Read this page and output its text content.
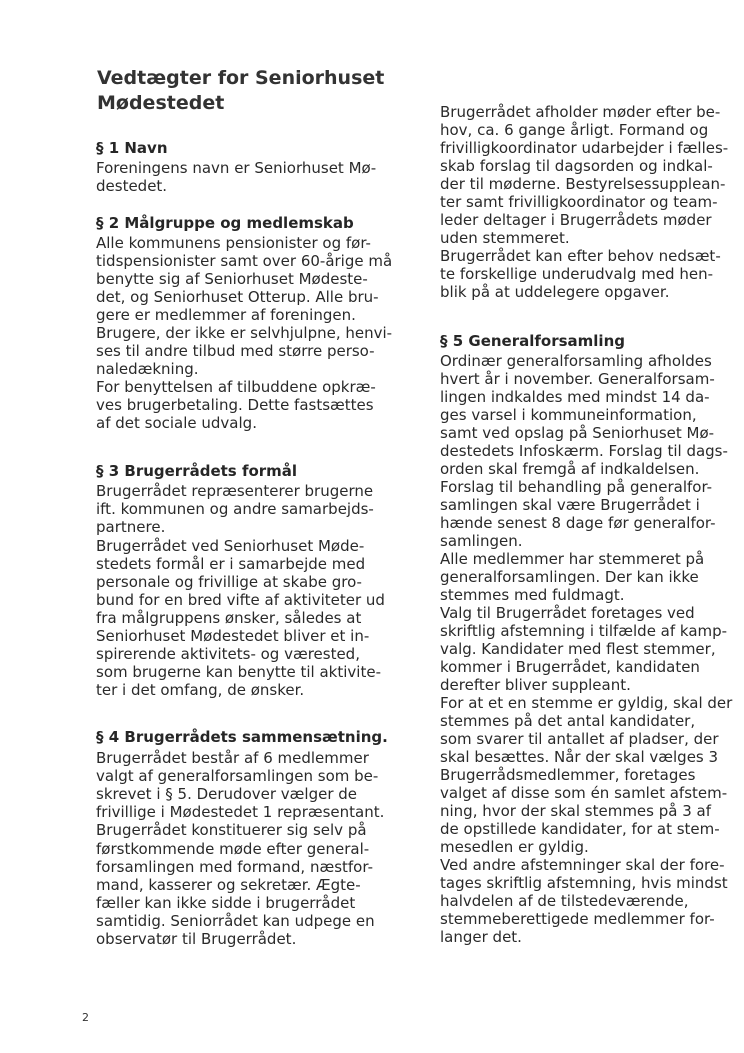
Vedtægter for Seniorhuset
Mødestedet
§ 1 Navn
Foreningens navn er Seniorhuset Mø-
destedet.
§ 2 Målgruppe og medlemskab
Alle kommunens pensionister og før-
tidspensionister samt over 60-årige må
benytte sig af Seniorhuset Mødeste-
det, og Seniorhuset Otterup. Alle bru-
gere er medlemmer af foreningen.
Brugere, der ikke er selvhjulpne, henvi-
ses til andre tilbud med større perso-
naledækning.
For benyttelsen af tilbuddene opkræ-
ves brugerbetaling. Dette fastsættes
af det sociale udvalg.
§ 3 Brugerrådets formål
Brugerrådet repræsenterer brugerne
ift. kommunen og andre samarbejds-
partnere.
Brugerrådet ved Seniorhuset Møde-
stedets formål er i samarbejde med
personale og frivillige at skabe gro-
bund for en bred vifte af aktiviteter ud
fra målgruppens ønsker, således at
Seniorhuset Mødestedet bliver et in-
spirerende aktivitets- og værested,
som brugerne kan benytte til aktivite-
ter i det omfang, de ønsker.
§ 4 Brugerrådets sammensætning.
Brugerrådet består af 6 medlemmer
valgt af generalforsamlingen som be-
skrevet i § 5. Derudover vælger de
frivillige i Mødestedet 1 repræsentant.
Brugerrådet konstituerer sig selv på
førstkommende møde efter general-
forsamlingen med formand, næstfor-
mand, kasserer og sekretær. Ægte-
fæller kan ikke sidde i brugerrådet
samtidig. Seniorrådet kan udpege en
observatør til Brugerrådet.
Brugerrådet afholder møder efter be-
hov, ca. 6 gange årligt. Formand og
frivilligkoordinator udarbejder i fælles-
skab forslag til dagsorden og indkal-
der til møderne. Bestyrelsessupplean-
ter samt frivilligkoordinator og team-
leder deltager i Brugerrådets møder
uden stemmeret.
Brugerrådet kan efter behov nedsæt-
te forskellige underudvalg med hen-
blik på at uddelegere opgaver.
§ 5 Generalforsamling
Ordinær generalforsamling afholdes
hvert år i november. Generalforsam-
lingen indkaldes med mindst 14 da-
ges varsel i kommuneinformation,
samt ved opslag på Seniorhuset Mø-
destedets Infoskærm. Forslag til dags-
orden skal fremgå af indkaldelsen.
Forslag til behandling på generalfor-
samlingen skal være Brugerrådet i
hænde senest 8 dage før generalfor-
samlingen.
Alle medlemmer har stemmeret på
generalforsamlingen. Der kan ikke
stemmes med fuldmagt.
Valg til Brugerrådet foretages ved
skriftlig afstemning i tilfælde af kamp-
valg. Kandidater med flest stemmer,
kommer i Brugerrådet, kandidaten
derefter bliver suppleant.
For at et en stemme er gyldig, skal der
stemmes på det antal kandidater,
som svarer til antallet af pladser, der
skal besættes. Når der skal vælges 3
Brugerrådsmedlemmer, foretages
valget af disse som én samlet afstem-
ning, hvor der skal stemmes på 3 af
de opstillede kandidater, for at stem-
mesedlen er gyldig.
Ved andre afstemninger skal der fore-
tages skriftlig afstemning, hvis mindst
halvdelen af de tilstedeværende,
stemmeberettigede medlemmer for-
langer det.
2
